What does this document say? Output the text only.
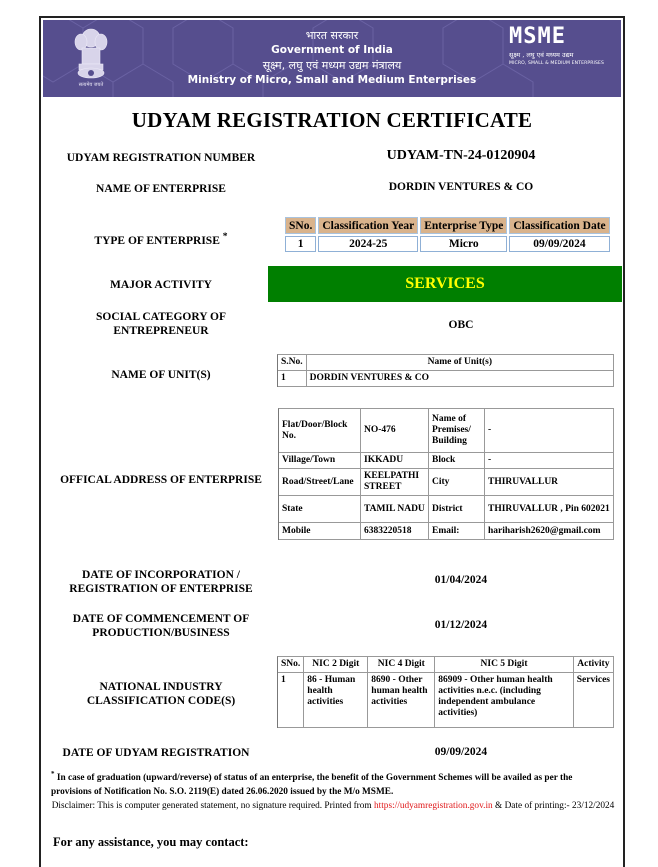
सत्यमेव जयते
भारत सरकार
Government of India
सूक्ष्म, लघु एवं मध्यम उद्यम मंत्रालय
Ministry of Micro, Small and Medium Enterprises
MSME
सूक्ष्म , लघु एवं मध्यम उद्यम
MICRO, SMALL & MEDIUM ENTERPRISES
UDYAM REGISTRATION CERTIFICATE
UDYAM REGISTRATION NUMBER	UDYAM-TN-24-0120904
NAME OF ENTERPRISE	DORDIN VENTURES & CO
TYPE OF ENTERPRISE *
SNo.	Classification Year	Enterprise Type	Classification Date
1	2024-25	Micro	09/09/2024
MAJOR ACTIVITY	SERVICES
SOCIAL CATEGORY OF
ENTREPRENEUR	OBC
NAME OF UNIT(S)
S.No.	Name of Unit(s)
1	DORDIN VENTURES & CO
OFFICAL ADDRESS OF ENTERPRISE
Flat/Door/Block No.	NO-476	Name of Premises/ Building	-
Village/Town	IKKADU	Block	-
Road/Street/Lane	KEELPATHI STREET	City	THIRUVALLUR
State	TAMIL NADU	District	THIRUVALLUR , Pin 602021
Mobile	6383220518	Email:	hariharish2620@gmail.com
DATE OF INCORPORATION /
REGISTRATION OF ENTERPRISE
01/04/2024
DATE OF COMMENCEMENT OF
PRODUCTION/BUSINESS
01/12/2024
NATIONAL INDUSTRY
CLASSIFICATION CODE(S)
SNo.	NIC 2 Digit	NIC 4 Digit	NIC 5 Digit	Activity
1	86 - Human health activities	8690 - Other human health activities	86909 - Other human health activities n.e.c. (including independent ambulance activities)	Services
DATE OF UDYAM REGISTRATION	09/09/2024
* In case of graduation (upward/reverse) of status of an enterprise, the benefit of the Government Schemes will be availed as per the provisions of Notification No. S.O. 2119(E) dated 26.06.2020 issued by the M/o MSME.
Disclaimer: This is computer generated statement, no signature required. Printed from https://udyamregistration.gov.in & Date of printing:- 23/12/2024
For any assistance, you may contact:
